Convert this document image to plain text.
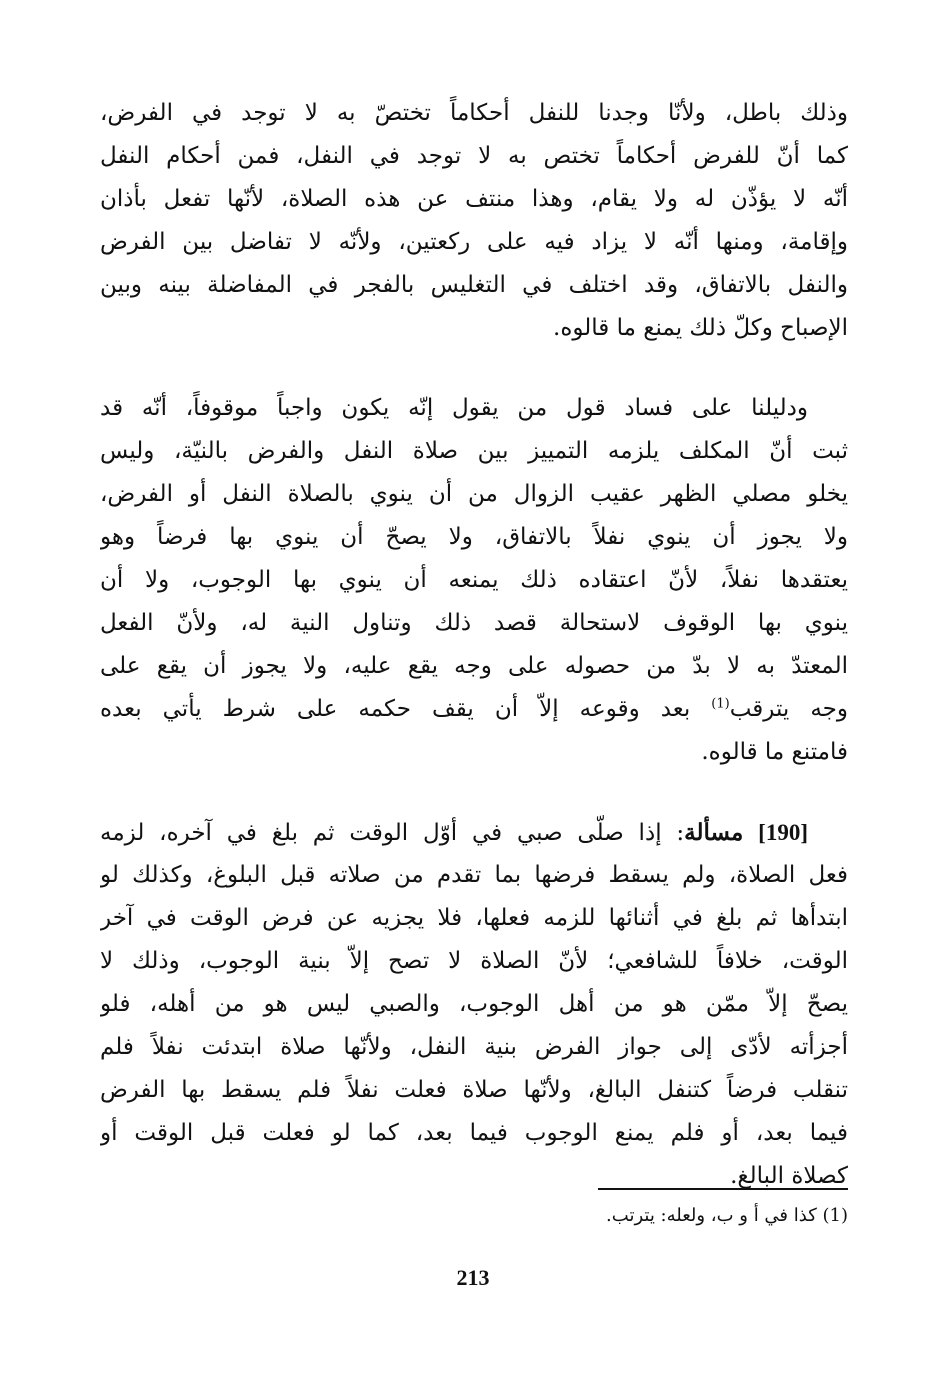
وذلك باطل، ولأنّا وجدنا للنفل أحكاماً تختصّ به لا توجد في الفرض،
كما أنّ للفرض أحكاماً تختص به لا توجد في النفل، فمن أحكام النفل
أنّه لا يؤذّن له ولا يقام، وهذا منتف عن هذه الصلاة، لأنّها تفعل بأذان
وإقامة، ومنها أنّه لا يزاد فيه على ركعتين، ولأنّه لا تفاضل بين الفرض
والنفل بالاتفاق، وقد اختلف في التغليس بالفجر في المفاضلة بينه وبين
الإصباح وكلّ ذلك يمنع ما قالوه.
ودليلنا على فساد قول من يقول إنّه يكون واجباً موقوفاً، أنّه قد
ثبت أنّ المكلف يلزمه التمييز بين صلاة النفل والفرض بالنيّة، وليس
يخلو مصلي الظهر عقيب الزوال من أن ينوي بالصلاة النفل أو الفرض،
ولا يجوز أن ينوي نفلاً بالاتفاق، ولا يصحّ أن ينوي بها فرضاً وهو
يعتقدها نفلاً، لأنّ اعتقاده ذلك يمنعه أن ينوي بها الوجوب، ولا أن
ينوي بها الوقوف لاستحالة قصد ذلك وتناول النية له، ولأنّ الفعل
المعتدّ به لا بدّ من حصوله على وجه يقع عليه، ولا يجوز أن يقع على
وجه يترقب$^{(1)}$ بعد وقوعه إلاّ أن يقف حكمه على شرط يأتي بعده
فامتنع ما قالوه.
[190] مسألة: إذا صلّى صبي في أوّل الوقت ثم بلغ في آخره، لزمه
فعل الصلاة، ولم يسقط فرضها بما تقدم من صلاته قبل البلوغ، وكذلك لو
ابتدأها ثم بلغ في أثنائها للزمه فعلها، فلا يجزيه عن فرض الوقت في آخر
الوقت، خلافاً للشافعي؛ لأنّ الصلاة لا تصح إلاّ بنية الوجوب، وذلك لا
يصحّ إلاّ ممّن هو من أهل الوجوب، والصبي ليس هو من أهله، فلو
أجزأته لأدّى إلى جواز الفرض بنية النفل، ولأنّها صلاة ابتدئت نفلاً فلم
تنقلب فرضاً كتنفل البالغ، ولأنّها صلاة فعلت نفلاً فلم يسقط بها الفرض
فيما بعد، أو فلم يمنع الوجوب فيما بعد، كما لو فعلت قبل الوقت أو
كصلاة البالغ.
(1) كذا في أ و ب، ولعله: يترتب.
213
